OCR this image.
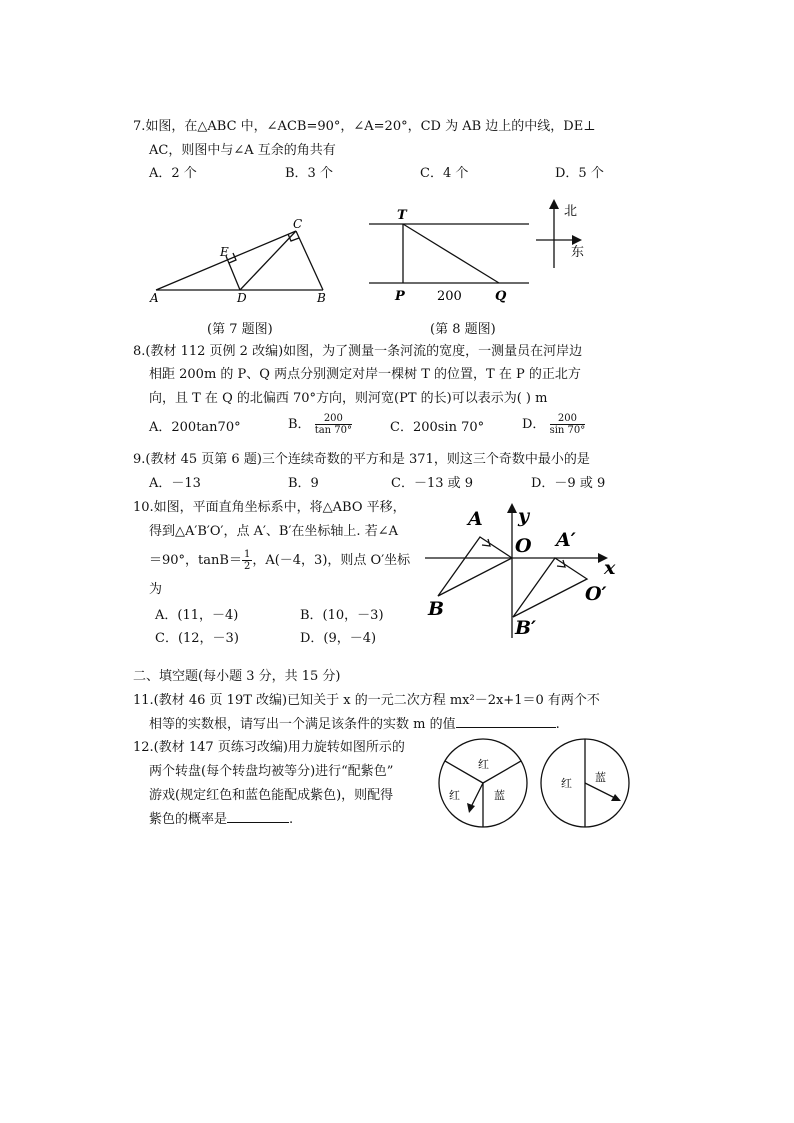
7.如图，在△ABC 中，∠ACB=90°，∠A=20°，CD 为 AB 边上的中线，DE⊥
AC，则图中与∠A 互余的角共有
A．2 个	B．3 个	C．4 个	D．5 个
A	B
C
D
E
(第 7 题图)
T
P	Q
200
北
东
(第 8 题图)
8.(教材 112 页例 2 改编)如图，为了测量一条河流的宽度，一测量员在河岸边
相距 200m 的 P、Q 两点分别测定对岸一棵树 T 的位置，T 在 P 的正北方
向，且 T 在 Q 的北偏西 70°方向，则河宽(PT 的长)可以表示为( ) m
A．200tan70°	B． $\frac{200}{\tan 70^\circ}$	C．200sin 70°	D． $\frac{200}{\sin 70^\circ}$
9.(教材 45 页第 6 题)三个连续奇数的平方和是 371，则这三个奇数中最小的是
A．－13	B．9	C．－13 或 9	D．－9 或 9
10.如图，平面直角坐标系中，将△ABO 平移，
得到△A′B′O′，点 A′、B′在坐标轴上. 若∠A
＝90°，$\tan B= \frac{1}{2}$ ，A(－4，3)，则点 O′坐标
为
A．(11，－4)	B．(10，－3)
C．(12，－3)	D．(9，－4)
A
B
O A′
B′
O′
x
y
二、填空题(每小题 3 分，共 15 分)
11.(教材 46 页 19T 改编)已知关于 x 的一元二次方程 mx²－2x+1＝0 有两个不
相等的实数根，请写出一个满足该条件的实数 m 的值	.
12.(教材 147 页练习改编)用力旋转如图所示的
两个转盘(每个转盘均被等分)进行“配紫色”
游戏(规定红色和蓝色能配成紫色)，则配得
紫色的概率是	.
红
红	蓝
红 蓝
